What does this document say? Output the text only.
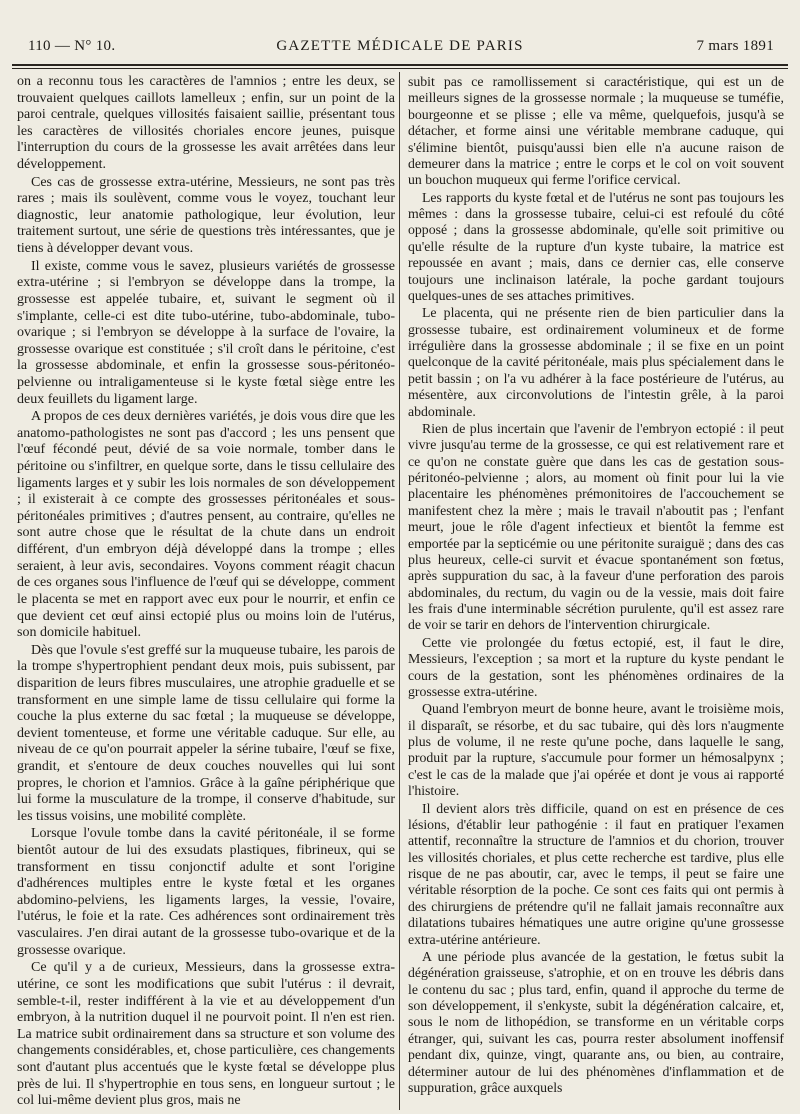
110 — N° 10.	GAZETTE MÉDICALE DE PARIS	7 mars 1891

on a reconnu tous les caractères de l'amnios ; entre les deux, se trouvaient quelques caillots lamelleux ; enfin, sur un point de la paroi centrale, quelques villosités faisaient saillie, présentant tous les caractères de villosités choriales encore jeunes, puisque l'interruption du cours de la grossesse les avait arrêtées dans leur développement.

Ces cas de grossesse extra-utérine, Messieurs, ne sont pas très rares ; mais ils soulèvent, comme vous le voyez, touchant leur diagnostic, leur anatomie pathologique, leur évolution, leur traitement surtout, une série de questions très intéressantes, que je tiens à développer devant vous.

Il existe, comme vous le savez, plusieurs variétés de grossesse extra-utérine ; si l'embryon se développe dans la trompe, la grossesse est appelée tubaire, et, suivant le segment où il s'implante, celle-ci est dite tubo-utérine, tubo-abdominale, tubo-ovarique ; si l'embryon se développe à la surface de l'ovaire, la grossesse ovarique est constituée ; s'il croît dans le péritoine, c'est la grossesse abdominale, et enfin la grossesse sous-péritonéo-pelvienne ou intraligamenteuse si le kyste fœtal siège entre les deux feuillets du ligament large.

A propos de ces deux dernières variétés, je dois vous dire que les anatomo-pathologistes ne sont pas d'accord ; les uns pensent que l'œuf fécondé peut, dévié de sa voie normale, tomber dans le péritoine ou s'infiltrer, en quelque sorte, dans le tissu cellulaire des ligaments larges et y subir les lois normales de son développement ; il existerait à ce compte des grossesses péritonéales et sous-péritonéales primitives ; d'autres pensent, au contraire, qu'elles ne sont autre chose que le résultat de la chute dans un endroit différent, d'un embryon déjà développé dans la trompe ; elles seraient, à leur avis, secondaires. Voyons comment réagit chacun de ces organes sous l'influence de l'œuf qui se développe, comment le placenta se met en rapport avec eux pour le nourrir, et enfin ce que devient cet œuf ainsi ectopié plus ou moins loin de l'utérus, son domicile habituel.

Dès que l'ovule s'est greffé sur la muqueuse tubaire, les parois de la trompe s'hypertrophient pendant deux mois, puis subissent, par disparition de leurs fibres musculaires, une atrophie graduelle et se transforment en une simple lame de tissu cellulaire qui forme la couche la plus externe du sac fœtal ; la muqueuse se développe, devient tomenteuse, et forme une véritable caduque. Sur elle, au niveau de ce qu'on pourrait appeler la sérine tubaire, l'œuf se fixe, grandit, et s'entoure de deux couches nouvelles qui lui sont propres, le chorion et l'amnios. Grâce à la gaîne périphérique que lui forme la musculature de la trompe, il conserve d'habitude, sur les tissus voisins, une mobilité complète.

Lorsque l'ovule tombe dans la cavité péritonéale, il se forme bientôt autour de lui des exsudats plastiques, fibrineux, qui se transforment en tissu conjonctif adulte et sont l'origine d'adhérences multiples entre le kyste fœtal et les organes abdomino-pelviens, les ligaments larges, la vessie, l'ovaire, l'utérus, le foie et la rate. Ces adhérences sont ordinairement très vasculaires. J'en dirai autant de la grossesse tubo-ovarique et de la grossesse ovarique.

Ce qu'il y a de curieux, Messieurs, dans la grossesse extra-utérine, ce sont les modifications que subit l'utérus : il devrait, semble-t-il, rester indifférent à la vie et au développement d'un embryon, à la nutrition duquel il ne pourvoit point. Il n'en est rien. La matrice subit ordinairement dans sa structure et son volume des changements considérables, et, chose particulière, ces changements sont d'autant plus accentués que le kyste fœtal se développe plus près de lui. Il s'hypertrophie en tous sens, en longueur surtout ; le col lui-même devient plus gros, mais ne

subit pas ce ramollissement si caractéristique, qui est un de meilleurs signes de la grossesse normale ; la muqueuse se tuméfie, bourgeonne et se plisse ; elle va même, quelquefois, jusqu'à se détacher, et forme ainsi une véritable membrane caduque, qui s'élimine bientôt, puisqu'aussi bien elle n'a aucune raison de demeurer dans la matrice ; entre le corps et le col on voit souvent un bouchon muqueux qui ferme l'orifice cervical.

Les rapports du kyste fœtal et de l'utérus ne sont pas toujours les mêmes : dans la grossesse tubaire, celui-ci est refoulé du côté opposé ; dans la grossesse abdominale, qu'elle soit primitive ou qu'elle résulte de la rupture d'un kyste tubaire, la matrice est repoussée en avant ; mais, dans ce dernier cas, elle conserve toujours une inclinaison latérale, la poche gardant toujours quelques-unes de ses attaches primitives.

Le placenta, qui ne présente rien de bien particulier dans la grossesse tubaire, est ordinairement volumineux et de forme irrégulière dans la grossesse abdominale ; il se fixe en un point quelconque de la cavité péritonéale, mais plus spécialement dans le petit bassin ; on l'a vu adhérer à la face postérieure de l'utérus, au mésentère, aux circonvolutions de l'intestin grêle, à la paroi abdominale.

Rien de plus incertain que l'avenir de l'embryon ectopié : il peut vivre jusqu'au terme de la grossesse, ce qui est relativement rare et ce qu'on ne constate guère que dans les cas de gestation sous-péritonéo-pelvienne ; alors, au moment où finit pour lui la vie placentaire les phénomènes prémonitoires de l'accouchement se manifestent chez la mère ; mais le travail n'aboutit pas ; l'enfant meurt, joue le rôle d'agent infectieux et bientôt la femme est emportée par la septicémie ou une péritonite suraiguë ; dans des cas plus heureux, celle-ci survit et évacue spontanément son fœtus, après suppuration du sac, à la faveur d'une perforation des parois abdominales, du rectum, du vagin ou de la vessie, mais doit faire les frais d'une interminable sécrétion purulente, qu'il est assez rare de voir se tarir en dehors de l'intervention chirurgicale.

Cette vie prolongée du fœtus ectopié, est, il faut le dire, Messieurs, l'exception ; sa mort et la rupture du kyste pendant le cours de la gestation, sont les phénomènes ordinaires de la grossesse extra-utérine.

Quand l'embryon meurt de bonne heure, avant le troisième mois, il disparaît, se résorbe, et du sac tubaire, qui dès lors n'augmente plus de volume, il ne reste qu'une poche, dans laquelle le sang, produit par la rupture, s'accumule pour former un hémosalpynx ; c'est le cas de la malade que j'ai opérée et dont je vous ai rapporté l'histoire.

Il devient alors très difficile, quand on est en présence de ces lésions, d'établir leur pathogénie : il faut en pratiquer l'examen attentif, reconnaître la structure de l'amnios et du chorion, trouver les villosités choriales, et plus cette recherche est tardive, plus elle risque de ne pas aboutir, car, avec le temps, il peut se faire une véritable résorption de la poche. Ce sont ces faits qui ont permis à des chirurgiens de prétendre qu'il ne fallait jamais reconnaître aux dilatations tubaires hématiques une autre origine qu'une grossesse extra-utérine antérieure.

A une période plus avancée de la gestation, le fœtus subit la dégénération graisseuse, s'atrophie, et on en trouve les débris dans le contenu du sac ; plus tard, enfin, quand il approche du terme de son développement, il s'enkyste, subit la dégénération calcaire, et, sous le nom de lithopédion, se transforme en un véritable corps étranger, qui, suivant les cas, pourra rester absolument inoffensif pendant dix, quinze, vingt, quarante ans, ou bien, au contraire, déterminer autour de lui des phénomènes d'inflammation et de suppuration, grâce auxquels
